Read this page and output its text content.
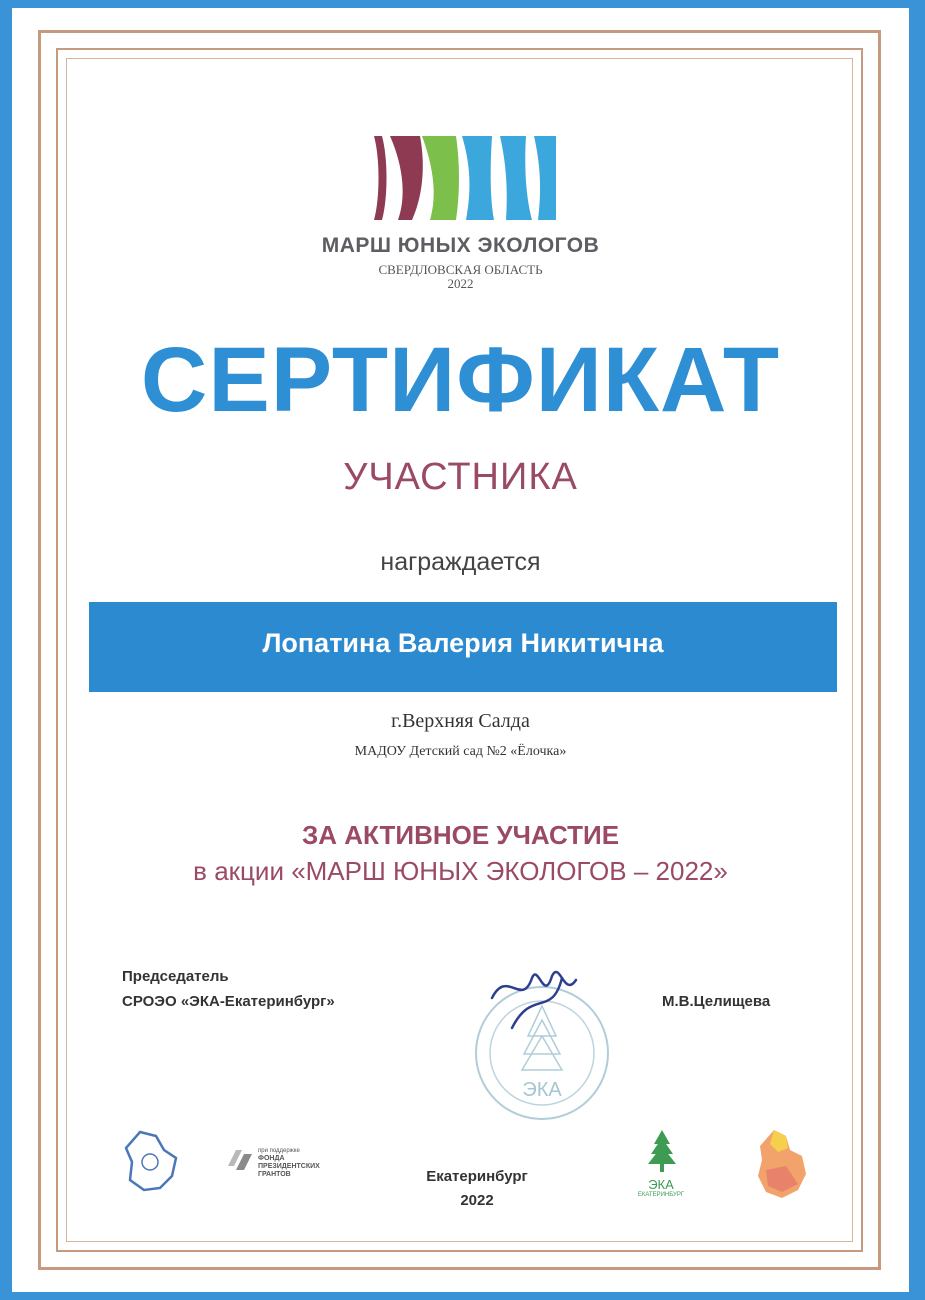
МАРШ ЮНЫХ ЭКОЛОГОВ
СВЕРДЛОВСКАЯ ОБЛАСТЬ
2022
СЕРТИФИКАТ
УЧАСТНИКА
награждается
Лопатина Валерия Никитична
г.Верхняя Салда
МАДОУ Детский сад №2 «Ёлочка»
ЗА АКТИВНОЕ УЧАСТИЕ
в акции «МАРШ ЮНЫХ ЭКОЛОГОВ – 2022»
Председатель
СРОЭО «ЭКА-Екатеринбург»	М.В.Целищева
ЭКА
при поддержке
ФОНДА
ПРЕЗИДЕНТСКИХ
ГРАНТОВ	Екатеринбург
2022
ЭКА
ЕКАТЕРИНБУРГ
